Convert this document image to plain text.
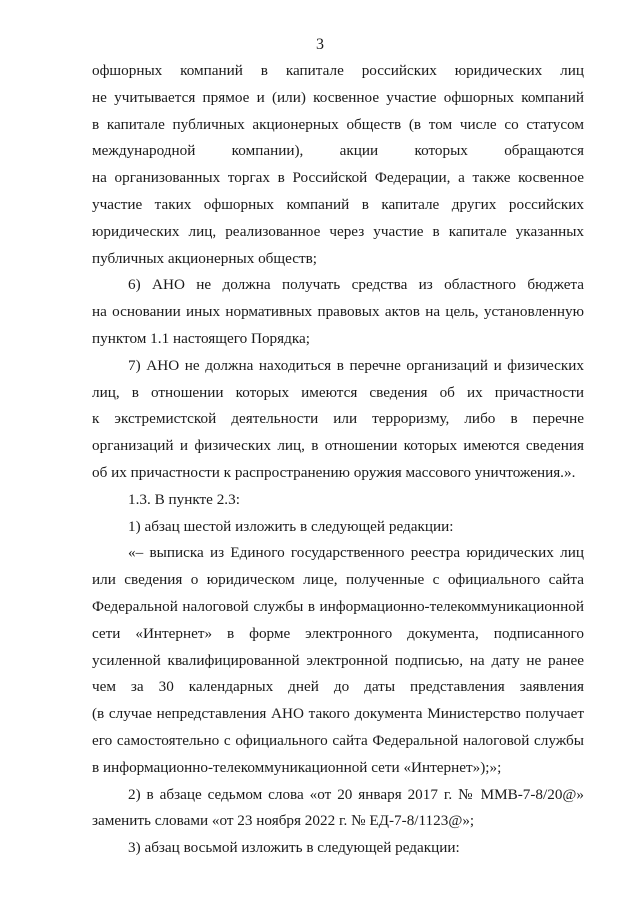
3
офшорных компаний в капитале российских юридических лиц
не учитывается прямое и (или) косвенное участие офшорных компаний
в капитале публичных акционерных обществ (в том числе со статусом
международной компании), акции которых обращаются
на организованных торгах в Российской Федерации, а также косвенное
участие таких офшорных компаний в капитале других российских
юридических лиц, реализованное через участие в капитале указанных
публичных акционерных обществ;
6) АНО не должна получать средства из областного бюджета
на основании иных нормативных правовых актов на цель, установленную
пунктом 1.1 настоящего Порядка;
7) АНО не должна находиться в перечне организаций и физических
лиц, в отношении которых имеются сведения об их причастности
к экстремистской деятельности или терроризму, либо в перечне
организаций и физических лиц, в отношении которых имеются сведения
об их причастности к распространению оружия массового уничтожения.».
1.3. В пункте 2.3:
1) абзац шестой изложить в следующей редакции:
«– выписка из Единого государственного реестра юридических лиц
или сведения о юридическом лице, полученные с официального сайта
Федеральной налоговой службы в информационно-телекоммуникационной
сети «Интернет» в форме электронного документа, подписанного
усиленной квалифицированной электронной подписью, на дату не ранее
чем за 30 календарных дней до даты представления заявления
(в случае непредставления АНО такого документа Министерство получает
его самостоятельно с официального сайта Федеральной налоговой службы
в информационно-телекоммуникационной сети «Интернет»);»;
2) в абзаце седьмом слова «от 20 января 2017 г. № ММВ-7-8/20@»
заменить словами «от 23 ноября 2022 г. № ЕД-7-8/1123@»;
3) абзац восьмой изложить в следующей редакции:
